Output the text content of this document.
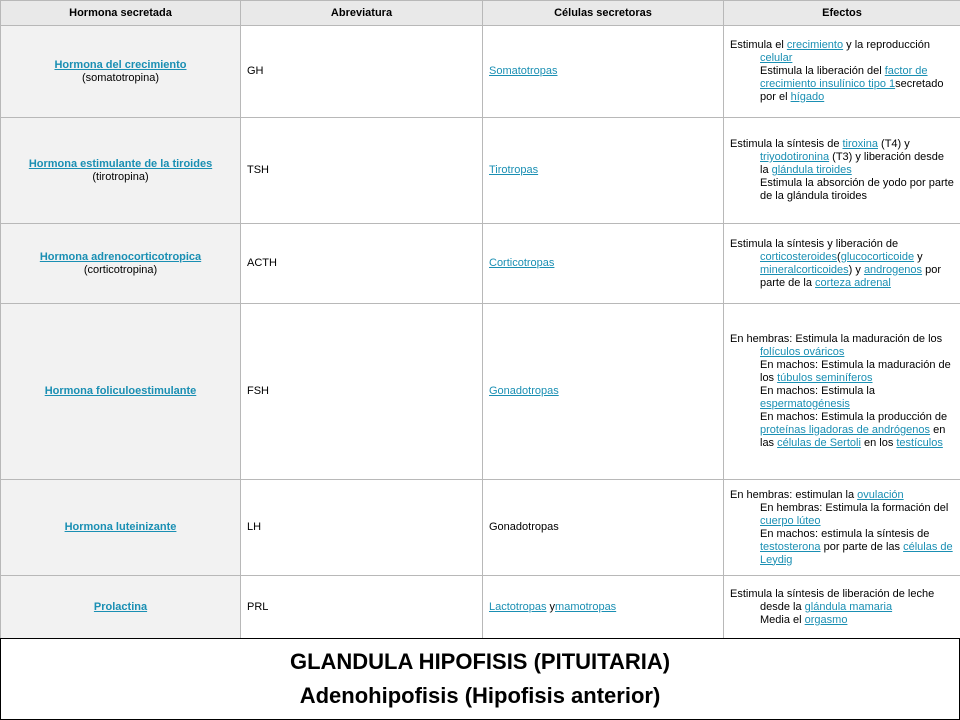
Hormona secretada	Abreviatura	Células secretoras	Efectos
Hormona del crecimiento
(somatotropina)	GH	Somatotropas	Estimula el crecimiento y la reproducción celular
Estimula la liberación del factor de crecimiento insulínico tipo 1secretado por el hígado

Hormona estimulante de la tiroides
(tirotropina)	TSH	Tirotropas	Estimula la síntesis de tiroxina (T4) y triyodotironina (T3) y liberación desde la glándula tiroides
Estimula la absorción de yodo por parte de la glándula tiroides

Hormona adrenocorticotropica
(corticotropina)	ACTH	Corticotropas	Estimula la síntesis y liberación de corticosteroides(glucocorticoide y mineralcorticoides) y androgenos por parte de la corteza adrenal

Hormona foliculoestimulante	FSH	Gonadotropas	En hembras: Estimula la maduración de los folículos ováricos
En machos: Estimula la maduración de los túbulos seminíferos
En machos: Estimula la espermatogénesis
En machos: Estimula la producción de proteínas ligadoras de andrógenos en las células de Sertoli en los testículos

Hormona luteinizante	LH	Gonadotropas	En hembras: estimulan la ovulación
En hembras: Estimula la formación del cuerpo lúteo
En machos: estimula la síntesis de testosterona por parte de las células de Leydig

Prolactina	PRL	Lactotropas ymamotropas	Estimula la síntesis de liberación de leche desde la glándula mamaria
Media el orgasmo
GLANDULA HIPOFISIS (PITUITARIA)
Adenohipofisis (Hipofisis anterior)
